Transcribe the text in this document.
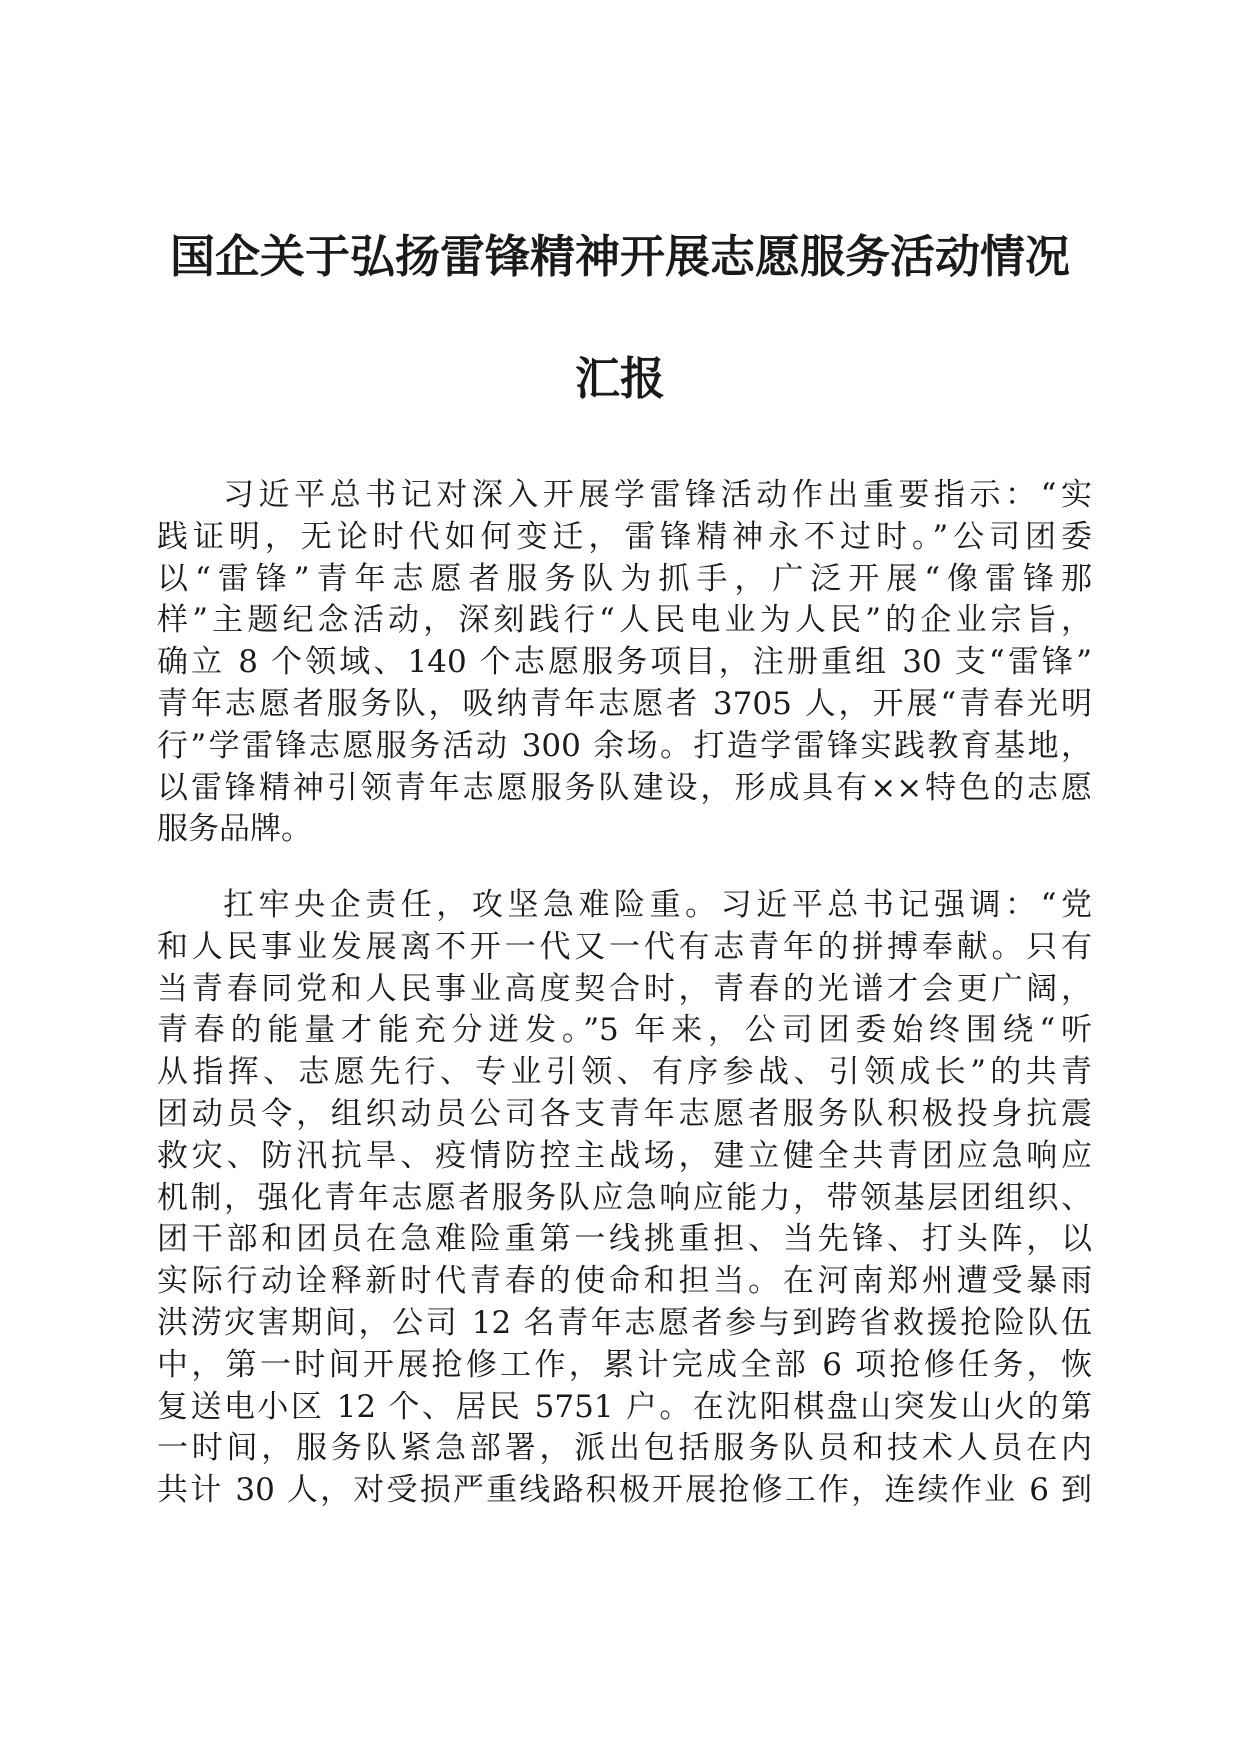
国企关于弘扬雷锋精神开展志愿服务活动情况
汇报
习近平总书记对深入开展学雷锋活动作出重要指示：“实
践证明，无论时代如何变迁，雷锋精神永不过时。”公司团委
以“雷锋”青年志愿者服务队为抓手，广泛开展“像雷锋那
样”主题纪念活动，深刻践行“人民电业为人民”的企业宗旨，
确立 8 个领域、140 个志愿服务项目，注册重组 30 支“雷锋”
青年志愿者服务队，吸纳青年志愿者 3705 人，开展“青春光明
行”学雷锋志愿服务活动 300 余场。打造学雷锋实践教育基地，
以雷锋精神引领青年志愿服务队建设，形成具有××特色的志愿
服务品牌。
扛牢央企责任，攻坚急难险重。习近平总书记强调：“党
和人民事业发展离不开一代又一代有志青年的拼搏奉献。只有
当青春同党和人民事业高度契合时，青春的光谱才会更广阔，
青春的能量才能充分迸发。”5 年来，公司团委始终围绕“听
从指挥、志愿先行、专业引领、有序参战、引领成长”的共青
团动员令，组织动员公司各支青年志愿者服务队积极投身抗震
救灾、防汛抗旱、疫情防控主战场，建立健全共青团应急响应
机制，强化青年志愿者服务队应急响应能力，带领基层团组织、
团干部和团员在急难险重第一线挑重担、当先锋、打头阵，以
实际行动诠释新时代青春的使命和担当。在河南郑州遭受暴雨
洪涝灾害期间，公司 12 名青年志愿者参与到跨省救援抢险队伍
中，第一时间开展抢修工作，累计完成全部 6 项抢修任务，恢
复送电小区 12 个、居民 5751 户。在沈阳棋盘山突发山火的第
一时间，服务队紧急部署，派出包括服务队员和技术人员在内
共计 30 人，对受损严重线路积极开展抢修工作，连续作业 6 到
